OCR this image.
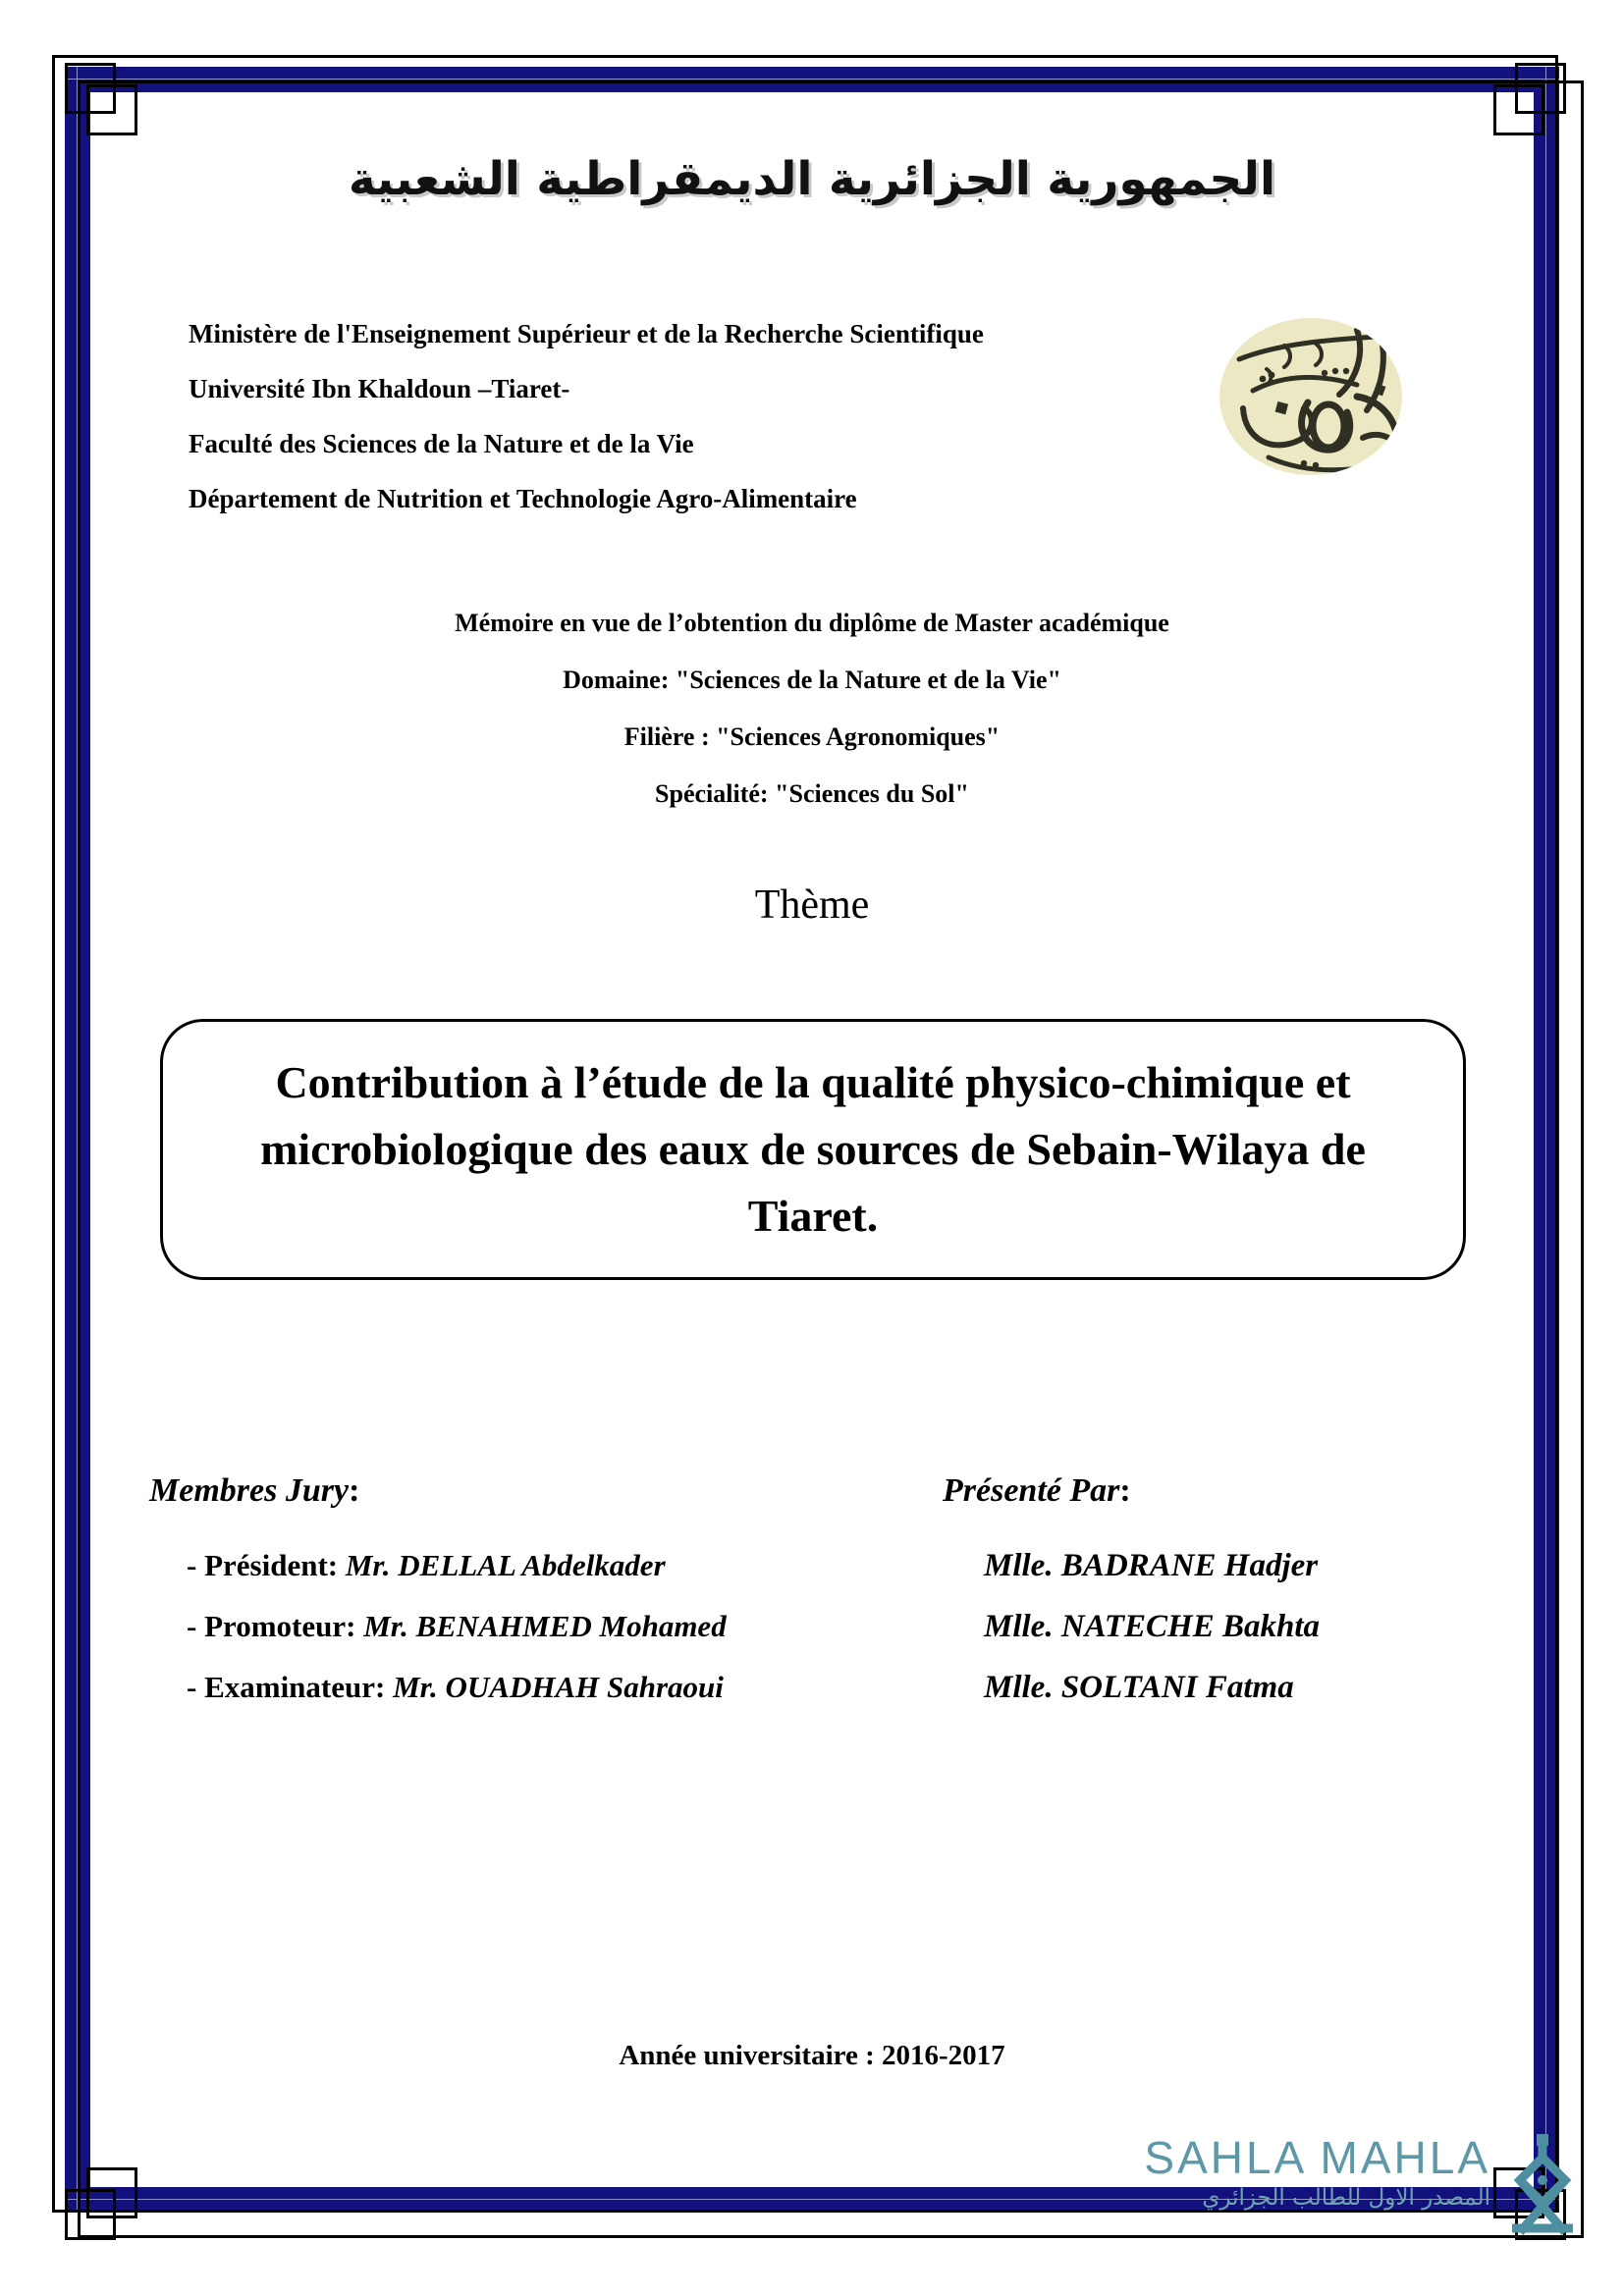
الجمهورية الجزائرية الديمقراطية الشعبية
Ministère de l'Enseignement Supérieur et de la Recherche Scientifique
Université Ibn Khaldoun –Tiaret-
Faculté des Sciences de la Nature et de la Vie
Département de Nutrition et Technologie Agro-Alimentaire
Mémoire en vue de l’obtention du diplôme de Master académique
Domaine: "Sciences de la Nature et de la Vie"
Filière : "Sciences Agronomiques"
Spécialité: "Sciences du Sol"
Thème
Contribution à l’étude de la qualité physico-chimique et microbiologique des eaux de sources de Sebain-Wilaya de Tiaret.
Membres Jury:
- Président: Mr. DELLAL Abdelkader
- Promoteur: Mr. BENAHMED Mohamed
- Examinateur: Mr. OUADHAH Sahraoui
Présenté Par:
Mlle. BADRANE Hadjer
Mlle. NATECHE Bakhta
Mlle. SOLTANI Fatma
Année universitaire : 2016-2017
SAHLA MAHLA
المصدر الاول للطالب الجزائري
